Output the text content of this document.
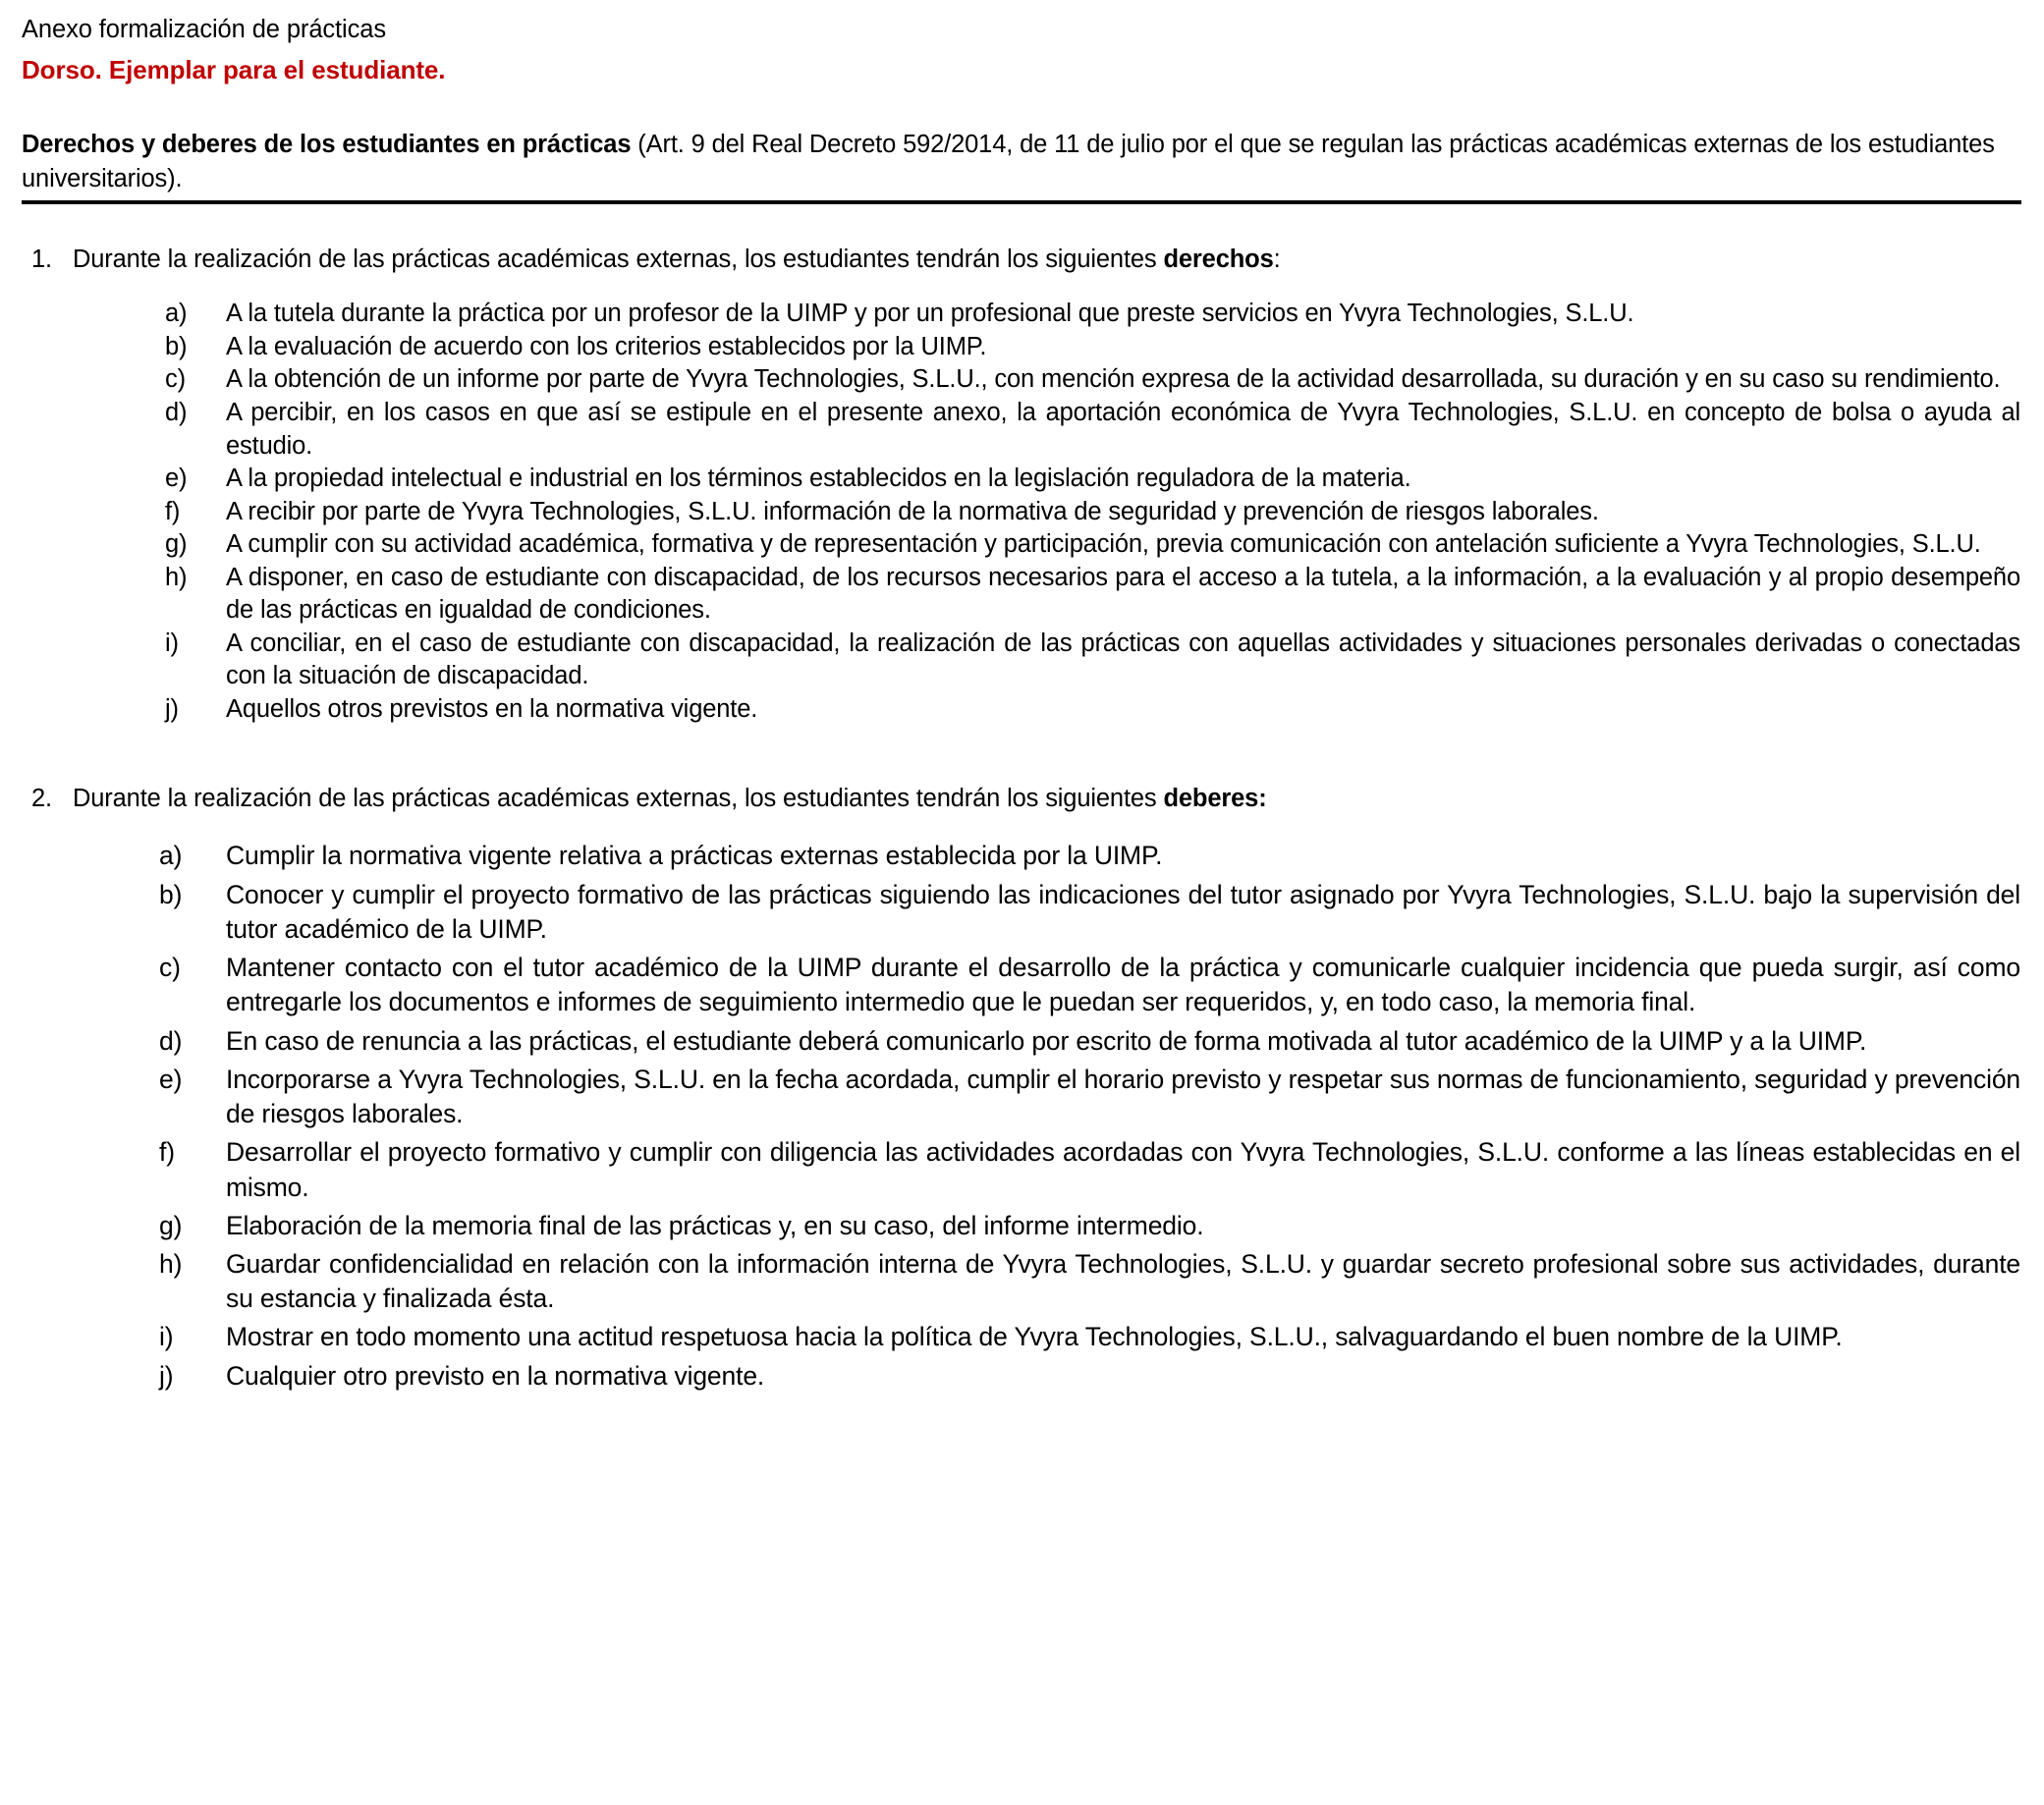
Anexo formalización de prácticas
Dorso. Ejemplar para el estudiante.

Derechos y deberes de los estudiantes en prácticas (Art. 9 del Real Decreto 592/2014, de 11 de julio por el que se regulan las prácticas académicas externas de los estudiantes universitarios).

1. Durante la realización de las prácticas académicas externas, los estudiantes tendrán los siguientes derechos:
a)	A la tutela durante la práctica por un profesor de la UIMP y por un profesional que preste servicios en Yvyra Technologies, S.L.U.
b)	A la evaluación de acuerdo con los criterios establecidos por la UIMP.
c)	A la obtención de un informe por parte de Yvyra Technologies, S.L.U., con mención expresa de la actividad desarrollada, su duración y en su caso su rendimiento.
d)	A percibir, en los casos en que así se estipule en el presente anexo, la aportación económica de Yvyra Technologies, S.L.U. en concepto de bolsa o ayuda al estudio.
e)	A la propiedad intelectual e industrial en los términos establecidos en la legislación reguladora de la materia.
f)	A recibir por parte de Yvyra Technologies, S.L.U. información de la normativa de seguridad y prevención de riesgos laborales.
g)	A cumplir con su actividad académica, formativa y de representación y participación, previa comunicación con antelación suficiente a Yvyra Technologies, S.L.U.
h)	A disponer, en caso de estudiante con discapacidad, de los recursos necesarios para el acceso a la tutela, a la información, a la evaluación y al propio desempeño de las prácticas en igualdad de condiciones.
i)	A conciliar, en el caso de estudiante con discapacidad, la realización de las prácticas con aquellas actividades y situaciones personales derivadas o conectadas con la situación de discapacidad.
j)	Aquellos otros previstos en la normativa vigente.
2. Durante la realización de las prácticas académicas externas, los estudiantes tendrán los siguientes deberes:
a)	Cumplir la normativa vigente relativa a prácticas externas establecida por la UIMP.
b)	Conocer y cumplir el proyecto formativo de las prácticas siguiendo las indicaciones del tutor asignado por Yvyra Technologies, S.L.U. bajo la supervisión del tutor académico de la UIMP.
c)	Mantener contacto con el tutor académico de la UIMP durante el desarrollo de la práctica y comunicarle cualquier incidencia que pueda surgir, así como entregarle los documentos e informes de seguimiento intermedio que le puedan ser requeridos, y, en todo caso, la memoria final.
d)	En caso de renuncia a las prácticas, el estudiante deberá comunicarlo por escrito de forma motivada al tutor académico de la UIMP y a la UIMP.
e)	Incorporarse a Yvyra Technologies, S.L.U. en la fecha acordada, cumplir el horario previsto y respetar sus normas de funcionamiento, seguridad y prevención de riesgos laborales.
f)	Desarrollar el proyecto formativo y cumplir con diligencia las actividades acordadas con Yvyra Technologies, S.L.U. conforme a las líneas establecidas en el mismo.
g)	Elaboración de la memoria final de las prácticas y, en su caso, del informe intermedio.
h)	Guardar confidencialidad en relación con la información interna de Yvyra Technologies, S.L.U. y guardar secreto profesional sobre sus actividades, durante su estancia y finalizada ésta.
i)	Mostrar en todo momento una actitud respetuosa hacia la política de Yvyra Technologies, S.L.U., salvaguardando el buen nombre de la UIMP.
j)	Cualquier otro previsto en la normativa vigente.
